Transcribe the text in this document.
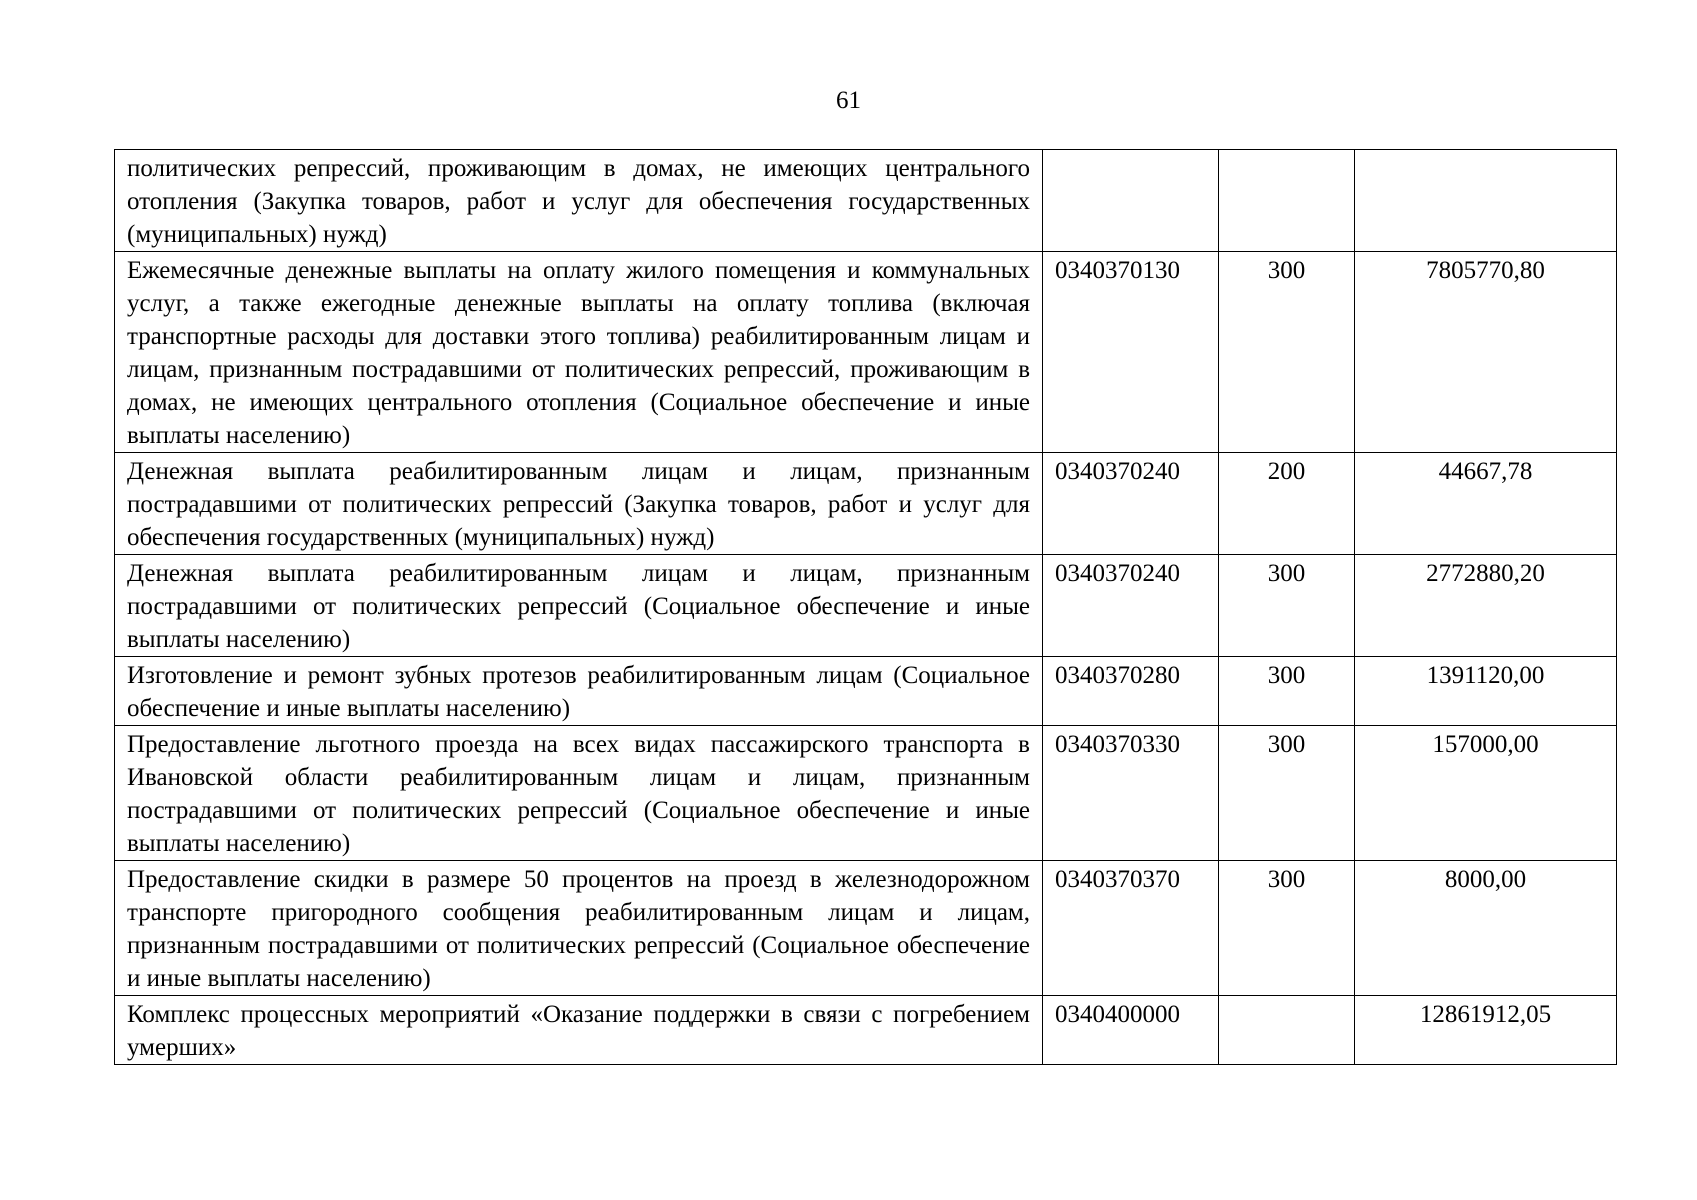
61
политических репрессий, проживающим в домах, не имеющих центрального отопления (Закупка товаров, работ и услуг для обеспечения государственных (муниципальных) нужд)			
Ежемесячные денежные выплаты на оплату жилого помещения и коммунальных услуг, а также ежегодные денежные выплаты на оплату топлива (включая транспортные расходы для доставки этого топлива) реабилитированным лицам и лицам, признанным пострадавшими от политических репрессий, проживающим в домах, не имеющих центрального отопления (Социальное обеспечение и иные выплаты населению)	0340370130	300	7805770,80
Денежная выплата реабилитированным лицам и лицам, признанным пострадавшими от политических репрессий (Закупка товаров, работ и услуг для обеспечения государственных (муниципальных) нужд)	0340370240	200	44667,78
Денежная выплата реабилитированным лицам и лицам, признанным пострадавшими от политических репрессий (Социальное обеспечение и иные выплаты населению)	0340370240	300	2772880,20
Изготовление и ремонт зубных протезов реабилитированным лицам (Социальное обеспечение и иные выплаты населению)	0340370280	300	1391120,00
Предоставление льготного проезда на всех видах пассажирского транспорта в Ивановской области реабилитированным лицам и лицам, признанным пострадавшими от политических репрессий (Социальное обеспечение и иные выплаты населению)	0340370330	300	157000,00
Предоставление скидки в размере 50 процентов на проезд в железнодорожном транспорте пригородного сообщения реабилитированным лицам и лицам, признанным пострадавшими от политических репрессий (Социальное обеспечение и иные выплаты населению)	0340370370	300	8000,00
Комплекс процессных мероприятий «Оказание поддержки в связи с погребением умерших»	0340400000		12861912,05
